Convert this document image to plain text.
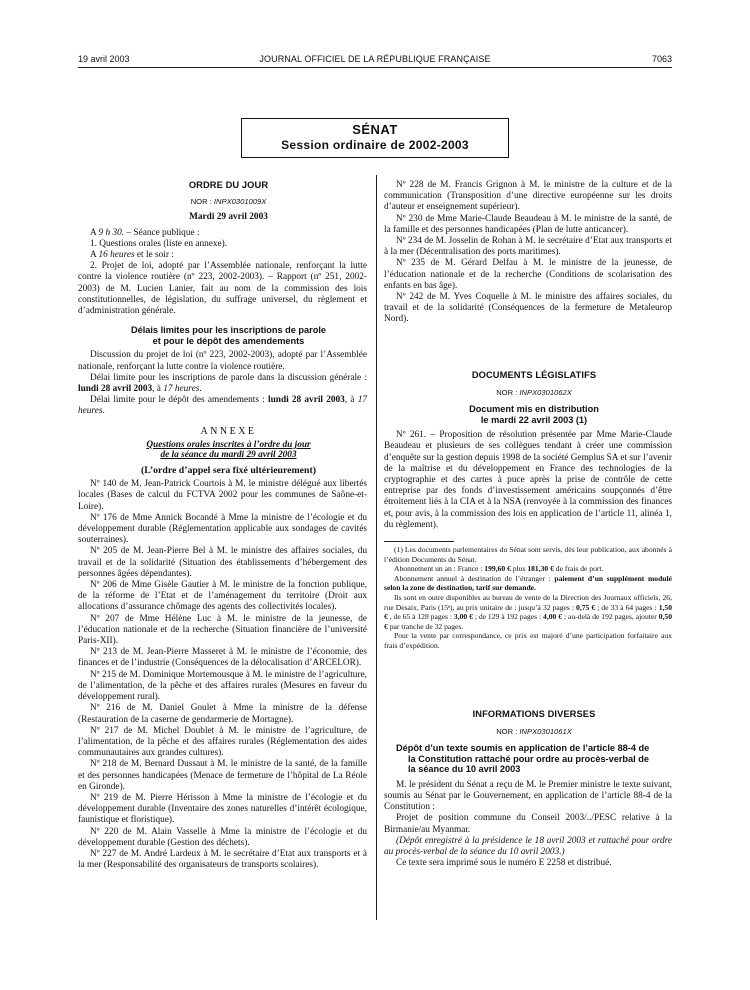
19 avril 2003	JOURNAL OFFICIEL DE LA RÉPUBLIQUE FRANÇAISE	7063
SÉNAT
Session ordinaire de 2002-2003

ORDRE DU JOUR

NOR : INPX0301009X

Mardi 29 avril 2003

A 9 h 30. – Séance publique :

1. Questions orales (liste en annexe).

A 16 heures et le soir :

2. Projet de loi, adopté par l’Assemblée nationale, renforçant la lutte contre la violence routière (nº 223, 2002-2003). – Rapport (nº 251, 2002-2003) de M. Lucien Lanier, fait au nom de la commission des lois constitutionnelles, de législation, du suffrage universel, du règlement et d’administration générale.

Délais limites pour les inscriptions de parole

et pour le dépôt des amendements

Discussion du projet de loi (nº 223, 2002-2003), adopté par l’Assemblée nationale, renforçant la lutte contre la violence routière.

Délai limite pour les inscriptions de parole dans la discussion générale : lundi 28 avril 2003, à 17 heures.

Délai limite pour le dépôt des amendements : lundi 28 avril 2003, à 17 heures.

ANNEXE

Questions orales inscrites à l’ordre du jour

de la séance du mardi 29 avril 2003

(L’ordre d’appel sera fixé ultérieurement)

Nº 140 de M. Jean-Patrick Courtois à M. le ministre délégué aux libertés locales (Bases de calcul du FCTVA 2002 pour les communes de Saône-et-Loire).

Nº 176 de Mme Annick Bocandé à Mme la ministre de l’écologie et du développement durable (Réglementation applicable aux sondages de cavités souterraines).

Nº 205 de M. Jean-Pierre Bel à M. le ministre des affaires sociales, du travail et de la solidarité (Situation des établissements d’hébergement des personnes âgées dépendantes).

Nº 206 de Mme Gisèle Gautier à M. le ministre de la fonction publique, de la réforme de l’Etat et de l’aménagement du territoire (Droit aux allocations d’assurance chômage des agents des collectivités locales).

Nº 207 de Mme Hélène Luc à M. le ministre de la jeunesse, de l’éducation nationale et de la recherche (Situation financière de l’université Paris-XII).

Nº 213 de M. Jean-Pierre Masseret à M. le ministre de l’économie, des finances et de l’industrie (Conséquences de la délocalisation d’ARCELOR).

Nº 215 de M. Dominique Mortemousque à M. le ministre de l’agriculture, de l’alimentation, de la pêche et des affaires rurales (Mesures en faveur du développement rural).

Nº 216 de M. Daniel Goulet à Mme la ministre de la défense (Restauration de la caserne de gendarmerie de Mortagne).

Nº 217 de M. Michel Doublet à M. le ministre de l’agriculture, de l’alimentation, de la pêche et des affaires rurales (Réglementation des aides communautaires aux grandes cultures).

Nº 218 de M. Bernard Dussaut à M. le ministre de la santé, de la famille et des personnes handicapées (Menace de fermeture de l’hôpital de La Réole en Gironde).

Nº 219 de M. Pierre Hérisson à Mme la ministre de l’écologie et du développement durable (Inventaire des zones naturelles d’intérêt écologique, faunistique et floristique).

Nº 220 de M. Alain Vasselle à Mme la ministre de l’écologie et du développement durable (Gestion des déchets).

Nº 227 de M. André Lardeux à M. le secrétaire d’Etat aux transports et à la mer (Responsabilité des organisateurs de transports scolaires).

Nº 228 de M. Francis Grignon à M. le ministre de la culture et de la communication (Transposition d’une directive européenne sur les droits d’auteur et enseignement supérieur).

Nº 230 de Mme Marie-Claude Beaudeau à M. le ministre de la santé, de la famille et des personnes handicapées (Plan de lutte anticancer).

Nº 234 de M. Josselin de Rohan à M. le secrétaire d’Etat aux transports et à la mer (Décentralisation des ports maritimes).

Nº 235 de M. Gérard Delfau à M. le ministre de la jeunesse, de l’éducation nationale et de la recherche (Conditions de scolarisation des enfants en bas âge).

Nº 242 de M. Yves Coquelle à M. le ministre des affaires sociales, du travail et de la solidarité (Conséquences de la fermeture de Metaleurop Nord).

DOCUMENTS LÉGISLATIFS

NOR : INPX0301062X

Document mis en distribution

le mardi 22 avril 2003 (1)

Nº 261. – Proposition de résolution présentée par Mme Marie-Claude Beaudeau et plusieurs de ses collègues tendant à créer une commission d’enquête sur la gestion depuis 1998 de la société Gemplus SA et sur l’avenir de la maîtrise et du développement en France des technologies de la cryptographie et des cartes à puce après la prise de contrôle de cette entreprise par des fonds d’investissement américains soupçonnés d’être étroitement liés à la CIA et à la NSA (renvoyée à la commission des finances et, pour avis, à la commission des lois en application de l’article 11, alinéa 1, du règlement).

(1) Les documents parlementaires du Sénat sont servis, dès leur publication, aux abonnés à l’édition Documents du Sénat.

Abonnement un an : France : 199,60 € plus 181,30 € de frais de port.

Abonnement annuel à destination de l’étranger : paiement d’un supplément modulé selon la zone de destination, tarif sur demande.

Ils sont en outre disponibles au bureau de vente de la Direction des Journaux officiels, 26, rue Desaix, Paris (15ᵉ), au prix unitaire de : jusqu’à 32 pages : 0,75 € ; de 33 à 64 pages : 1,50 € , de 65 à 128 pages : 3,00 € ; de 129 à 192 pages : 4,00 € ; au-delà de 192 pages, ajouter 0,50 € par tranche de 32 pages.

Pour la vente par correspondance, ce prix est majoré d’une participation forfaitaire aux frais d’expédition.

INFORMATIONS DIVERSES

NOR : INPX0301061X

Dépôt d’un texte soumis en application de l’article 88-4 de

la Constitution rattaché pour ordre au procès-verbal de

la séance du 10 avril 2003

M. le président du Sénat a reçu de M. le Premier ministre le texte suivant, soumis au Sénat par le Gouvernement, en application de l’article 88-4 de la Constitution :

Projet de position commune du Conseil 2003/../PESC relative à la Birmanie/au Myanmar.

(Dépôt enregistré à la présidence le 18 avril 2003 et rattaché pour ordre au procès-verbal de la séance du 10 avril 2003.)

Ce texte sera imprimé sous le numéro E 2258 et distribué.
